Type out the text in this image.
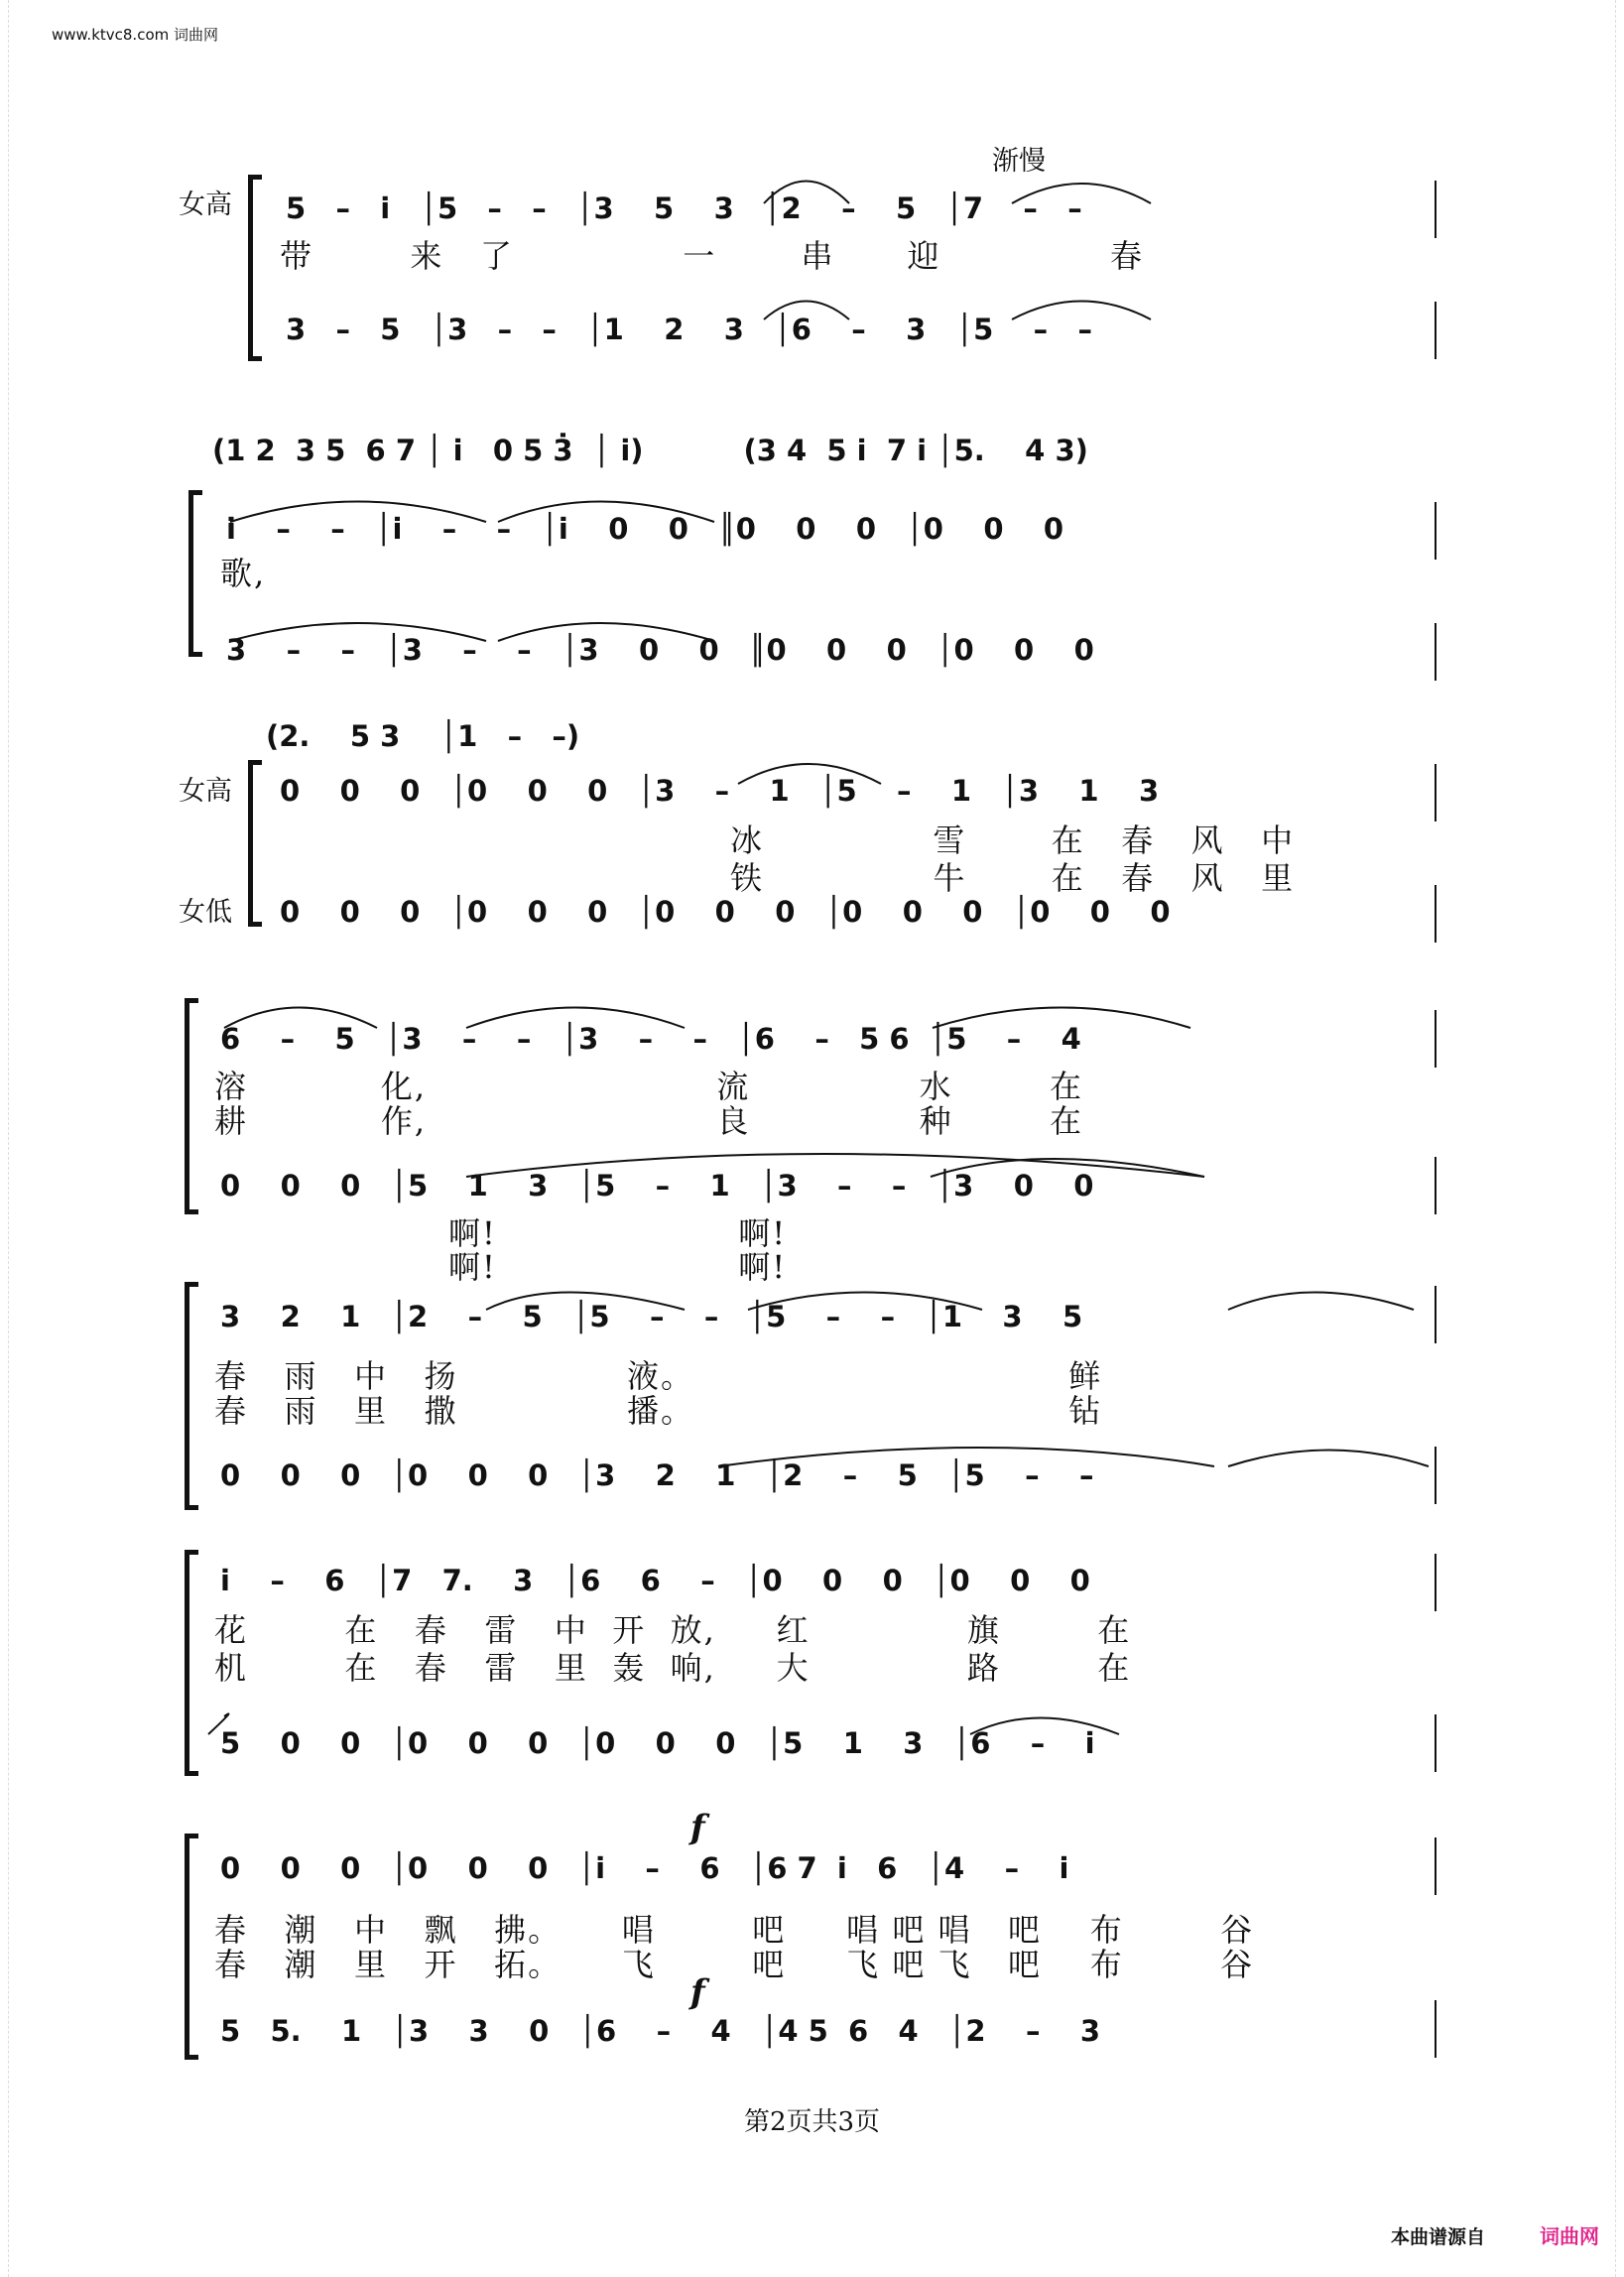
www.ktvc8.com 词曲网
渐慢
女高
女高
女低
5   –   i̇   │5   –   –   │3    5    3   │2    –    5   │7    –   –
带        来   了              一       串      迎              春
3   –   5   │3   –   –   │1    2    3   │6    –    3   │5    –   –
(1 2  3 5  6 7 │ i̇   0 5 3̇  │ i̇)          (3 4  5 i̇  7 i̇ │5.    4 3)
i̇    –    –   │i̇    –    –   │i̇    0    0   ║0    0    0   │0    0    0
歌,
3    –    –   │3    –    –   │3    0    0   ║0    0    0   │0    0    0
(2.    5 3    │1   –   –)
0    0    0   │0    0    0   │3    –    1   │5    –    1   │3    1    3
冰              雪       在   春   风   中
铁              牛       在   春   风   里
0    0    0   │0    0    0   │0    0    0   │0    0    0   │0    0    0
6    –    5   │3    –    –   │3    –    –   │6    –   5 6  │5    –    4
溶           化,                        流              水        在
耕           作,                        良              种        在
0    0    0   │5    1    3   │5    –    1   │3    –    –   │3    0    0
啊!                    啊!
啊!                    啊!
3    2    1   │2    –    5   │5    –    –   │5    –    –   │1    3    5
春   雨   中   扬              液。                               鲜
春   雨   里   撒              播。                               钻
0    0    0   │0    0    0   │3    2    1   │2    –    5   │5    –    –
i̇    –    6   │7   7.    3   │6    6    –   │0    0    0   │0    0    0
花        在   春   雷   中  开  放,     红             旗        在
机        在   春   雷   里  轰  响,     大             路        在
5    0    0   │0    0    0   │0    0    0   │5    1    3   │6    –    i̇
f
0    0    0   │0    0    0   │i̇    –    6   │6 7  i̇   6   │4    –    i̇
春   潮   中   飘   拂。     唱        吧     唱 吧 唱   吧    布        谷
春   潮   里   开   拓。     飞        吧     飞 吧 飞   吧    布        谷
f
5   5.    1   │3    3    0   │6    –    4   │4 5  6   4   │2    –    3
第2页共3页
本曲谱源自	词曲网
